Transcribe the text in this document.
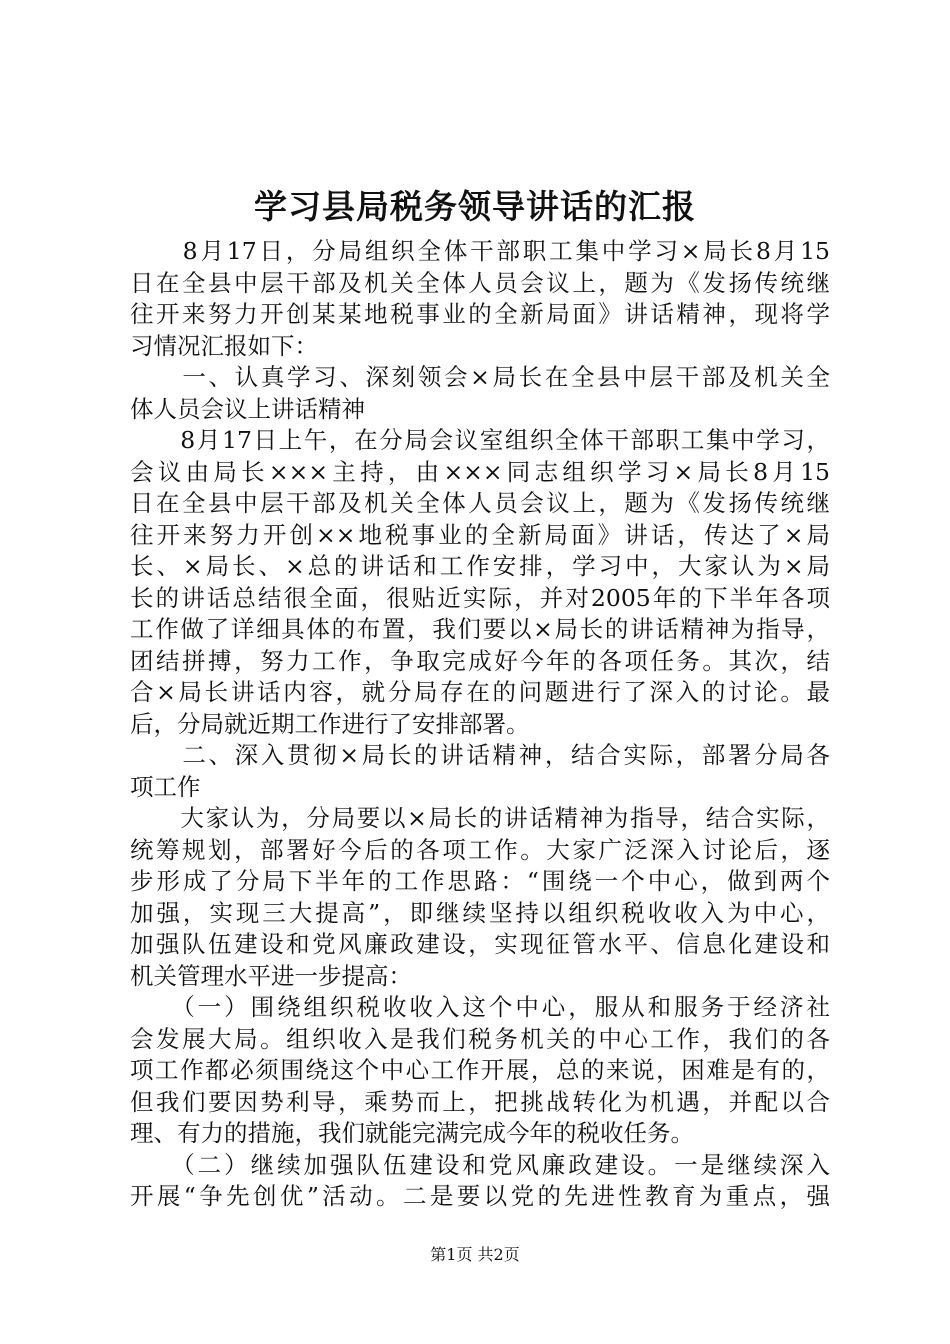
学习县局税务领导讲话的汇报
　　8月17日，分局组织全体干部职工集中学习×局长8月15
日在全县中层干部及机关全体人员会议上，题为《发扬传统继
往开来努力开创某某地税事业的全新局面》讲话精神，现将学
习情况汇报如下：
　　一、认真学习、深刻领会×局长在全县中层干部及机关全
体人员会议上讲话精神
　　8月17日上午，在分局会议室组织全体干部职工集中学习，
会议由局长×××主持，由×××同志组织学习×局长8月15
日在全县中层干部及机关全体人员会议上，题为《发扬传统继
往开来努力开创××地税事业的全新局面》讲话，传达了×局
长、×局长、×总的讲话和工作安排，学习中，大家认为×局
长的讲话总结很全面，很贴近实际，并对2005年的下半年各项
工作做了详细具体的布置，我们要以×局长的讲话精神为指导，
团结拼搏，努力工作，争取完成好今年的各项任务。其次，结
合×局长讲话内容，就分局存在的问题进行了深入的讨论。最
后，分局就近期工作进行了安排部署。
　　二、深入贯彻×局长的讲话精神，结合实际，部署分局各
项工作
　　大家认为，分局要以×局长的讲话精神为指导，结合实际，
统筹规划，部署好今后的各项工作。大家广泛深入讨论后，逐
步形成了分局下半年的工作思路：“围绕一个中心，做到两个
加强，实现三大提高”，即继续坚持以组织税收收入为中心，
加强队伍建设和党风廉政建设，实现征管水平、信息化建设和
机关管理水平进一步提高：
　　（一）围绕组织税收收入这个中心，服从和服务于经济社
会发展大局。组织收入是我们税务机关的中心工作，我们的各
项工作都必须围绕这个中心工作开展，总的来说，困难是有的，
但我们要因势利导，乘势而上，把挑战转化为机遇，并配以合
理、有力的措施，我们就能完满完成今年的税收任务。
　　（二）继续加强队伍建设和党风廉政建设。一是继续深入
开展“争先创优”活动。二是要以党的先进性教育为重点，强
第1页 共2页
